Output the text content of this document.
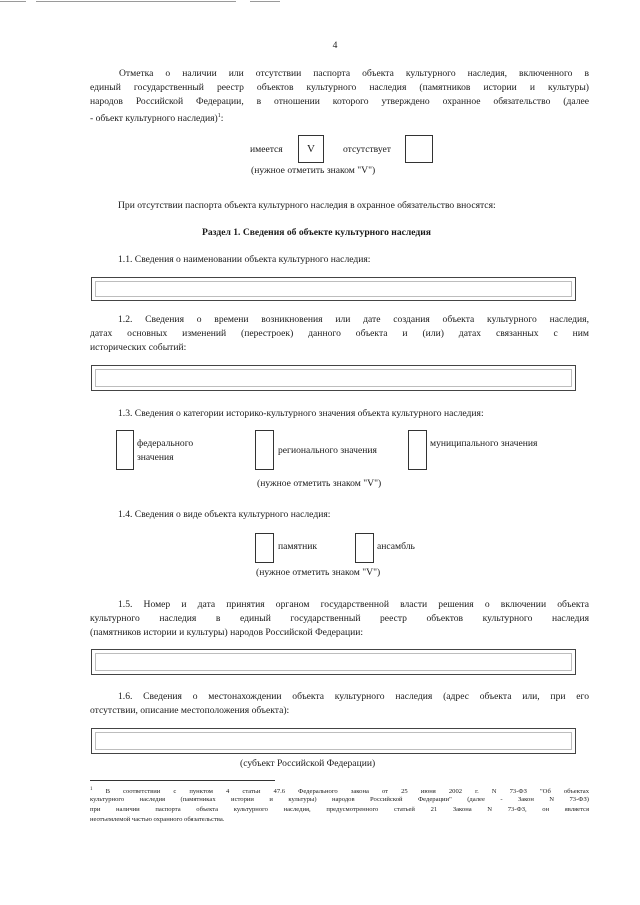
4
Отметка о наличии или отсутствии паспорта объекта культурного наследия, включенного в
единый государственный реестр объектов культурного наследия (памятников истории и культуры)
народов Российской Федерации, в отношении которого утверждено охранное обязательство (далее
- объект культурного наследия)$^1$:
имеется	V	отсутствует
(нужное отметить знаком "V")
При отсутствии паспорта объекта культурного наследия в охранное обязательство вносятся:
Раздел 1. Сведения об объекте культурного наследия
1.1. Сведения о наименовании объекта культурного наследия:
1.2. Сведения о времени возникновения или дате создания объекта культурного наследия,
датах основных изменений (перестроек) данного объекта и (или) датах связанных с ним
исторических событий:
1.3. Сведения о категории историко-культурного значения объекта культурного наследия:
федерального
значения
регионального значения
муниципального значения
(нужное отметить знаком "V")
1.4. Сведения о виде объекта культурного наследия:
памятник	ансамбль
(нужное отметить знаком "V")
1.5. Номер и дата принятия органом государственной власти решения о включении объекта
культурного наследия в единый государственный реестр объектов культурного наследия
(памятников истории и культуры) народов Российской Федерации:
1.6. Сведения о местонахождении объекта культурного наследия (адрес объекта или, при его
отсутствии, описание местоположения объекта):
(субъект Российской Федерации)
$^1$ В соответствии с пунктом 4 статьи 47.6 Федерального закона от 25 июня 2002 г. N 73-ФЗ "Об объектах
культурного наследия (памятниках истории и культуры) народов Российской Федерации" (далее - Закон N 73-ФЗ)
при наличии паспорта объекта культурного наследия, предусмотренного статьей 21 Закона N 73-ФЗ, он является
неотъемлемой частью охранного обязательства.
